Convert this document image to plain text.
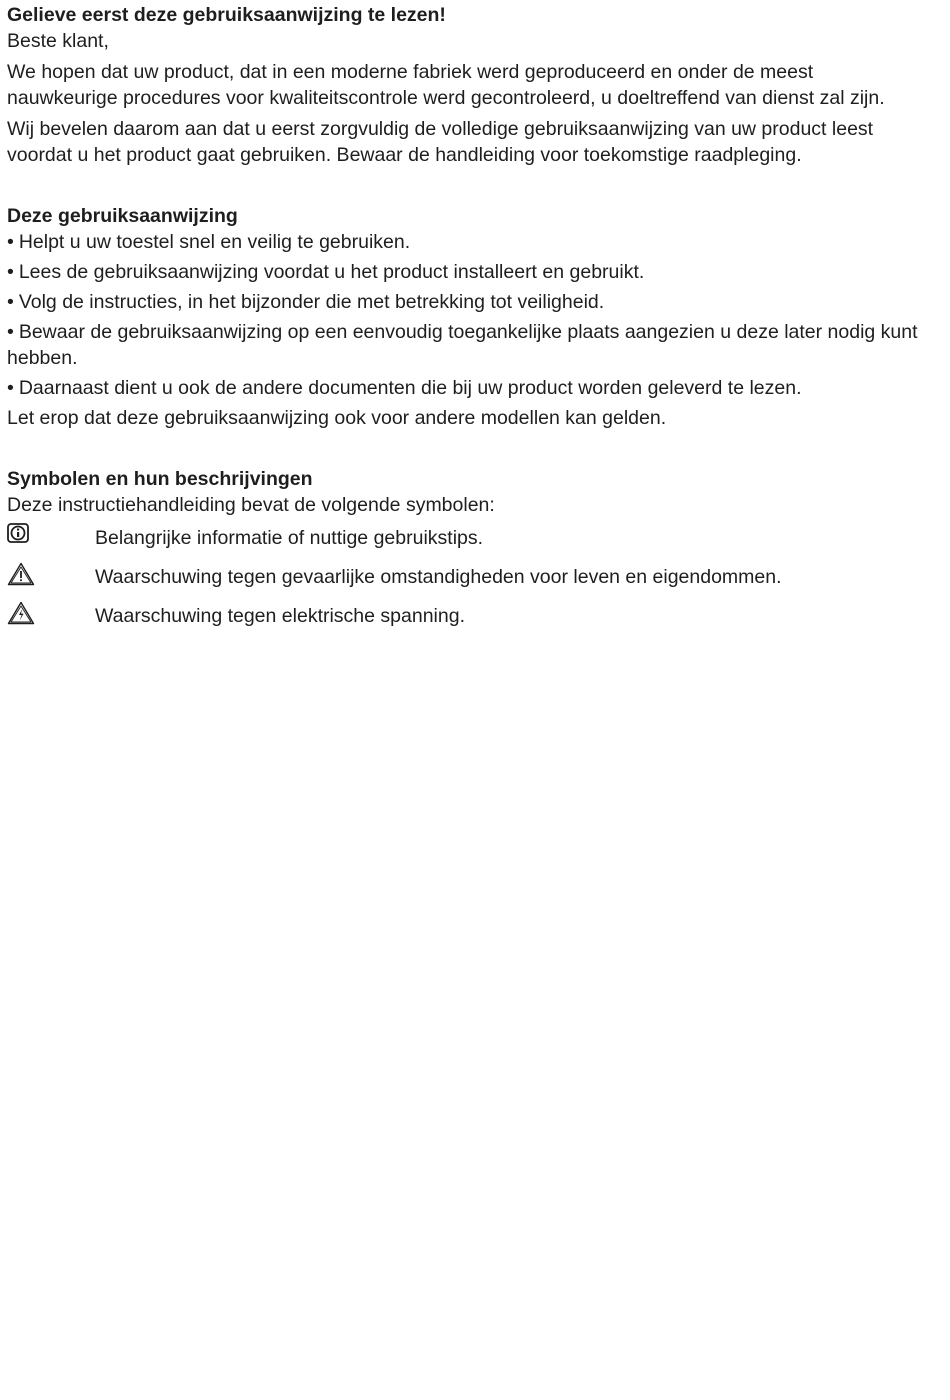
Gelieve eerst deze gebruiksaanwijzing te lezen!

Beste klant,

We hopen dat uw product, dat in een moderne fabriek werd geproduceerd en onder de meest nauwkeurige procedures voor kwaliteitscontrole werd gecontroleerd, u doeltreffend van dienst zal zijn.

Wij bevelen daarom aan dat u eerst zorgvuldig de volledige gebruiksaanwijzing van uw product leest voordat u het product gaat gebruiken. Bewaar de handleiding voor toekomstige raadpleging.

Deze gebruiksaanwijzing
• Helpt u uw toestel snel en veilig te gebruiken.
• Lees de gebruiksaanwijzing voordat u het product installeert en gebruikt.
• Volg de instructies, in het bijzonder die met betrekking tot veiligheid.
• Bewaar de gebruiksaanwijzing op een eenvoudig toegankelijke plaats aangezien u deze later nodig kunt hebben.
• Daarnaast dient u ook de andere documenten die bij uw product worden geleverd te lezen.

Let erop dat deze gebruiksaanwijzing ook voor andere modellen kan gelden.

Symbolen en hun beschrijvingen

Deze instructiehandleiding bevat de volgende symbolen:

Belangrijke informatie of nuttige gebruikstips.
Waarschuwing tegen gevaarlijke omstandigheden voor leven en eigendommen.
Waarschuwing tegen elektrische spanning.
